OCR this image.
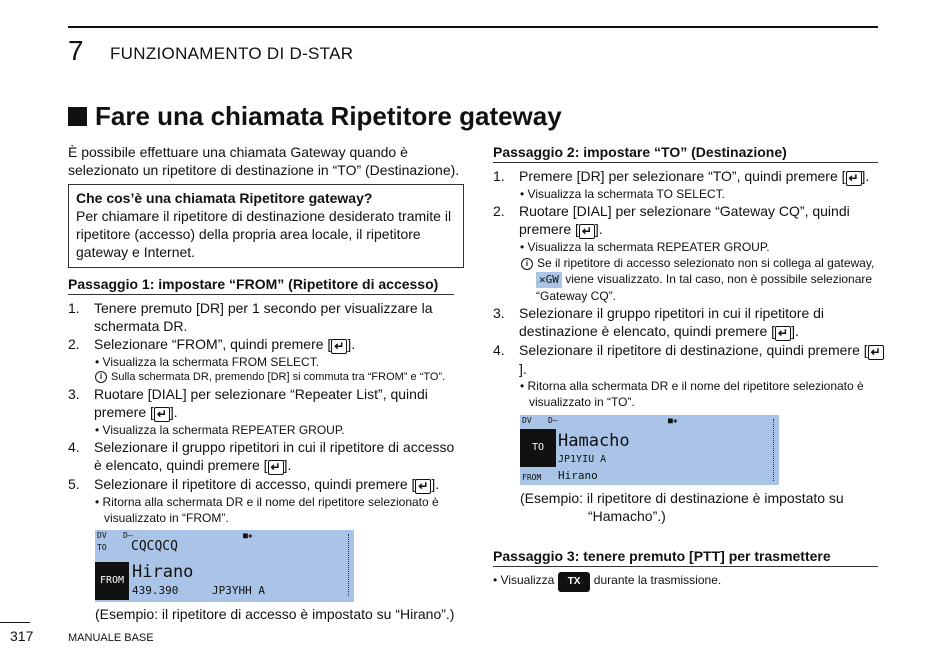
7 FUNZIONAMENTO DI D-STAR
Fare una chiamata Ripetitore gateway
È possibile effettuare una chiamata Gateway quando è selezionato un ripetitore di destinazione in “TO” (Destinazione).
Che cos’è una chiamata Ripetitore gateway?
Per chiamare il ripetitore di destinazione desiderato tramite il ripetitore (accesso) della propria area locale, il ripetitore gateway e Internet.
Passaggio 1: impostare “FROM” (Ripetitore di accesso)
1.	Tenere premuto [DR] per 1 secondo per visualizzare la schermata DR.
2.	Selezionare “FROM”, quindi premere [ ↵ ].
• Visualizza la schermata FROM SELECT.
i Sulla schermata DR, premendo [DR] si commuta tra “FROM” e “TO”.
3.	Ruotare [DIAL] per selezionare “Repeater List”, quindi premere [ ↵ ].
• Visualizza la schermata REPEATER GROUP.
4.	Selezionare il gruppo ripetitori in cui il ripetitore di accesso è elencato, quindi premere [ ↵ ].
5.	Selezionare il ripetitore di accesso, quindi premere [ ↵ ].
• Ritorna alla schermata DR e il nome del ripetitore selezionato è visualizzato in “FROM”.
DV D–	■✚
TO CQCQCQ
FROM Hirano
439.390	JP3YHH A
(Esempio: il ripetitore di accesso è impostato su “Hirano”.)
Passaggio 2: impostare “TO” (Destinazione)
1.	Premere [DR] per selezionare “TO”, quindi premere [ ↵ ].
• Visualizza la schermata TO SELECT.
2.	Ruotare [DIAL] per selezionare “Gateway CQ”, quindi premere [ ↵ ].
• Visualizza la schermata REPEATER GROUP.
i Se il ripetitore di accesso selezionato non si collega al gateway, ✕GW viene visualizzato. In tal caso, non è possibile selezionare “Gateway CQ”.
3.	Selezionare il gruppo ripetitori in cui il ripetitore di destinazione è elencato, quindi premere [ ↵ ].
4.	Selezionare il ripetitore di destinazione, quindi premere [ ↵].
• Ritorna alla schermata DR e il nome del ripetitore selezionato è visualizzato in “TO”.
DV D–	■✚
TO Hamacho
JP1YIU A
FROM Hirano
(Esempio: il ripetitore di destinazione è impostato su
“Hamacho”.)
Passaggio 3: tenere premuto [PTT] per trasmettere
• Visualizza TX durante la trasmissione.
317	MANUALE BASE
